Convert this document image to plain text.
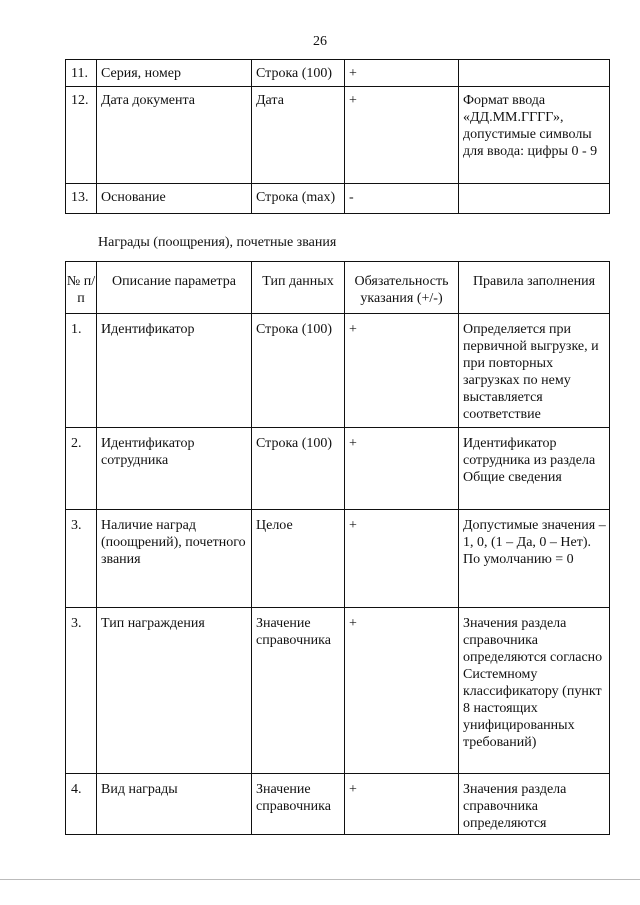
26
11.	Серия, номер	Строка (100)	+	
12.	Дата документа	Дата	+	Формат ввода «ДД.ММ.ГГГГ», допустимые символы для ввода: цифры 0 - 9
13.	Основание	Строка (max)	-	
Награды (поощрения), почетные звания
№ п/п	Описание параметра	Тип данных	Обязательность указания (+/-)	Правила заполнения
1.	Идентификатор	Строка (100)	+	Определяется при первичной выгрузке, и при повторных загрузках по нему выставляется соответствие
2.	Идентификатор сотрудника	Строка (100)	+	Идентификатор сотрудника из раздела Общие сведения
3.	Наличие наград (поощрений), почетного звания	Целое	+	Допустимые значения – 1, 0, (1 – Да, 0 – Нет). По умолчанию = 0
3.	Тип награждения	Значение справочника	+	Значения раздела справочника определяются согласно Системному классификатору (пункт 8 настоящих унифицированных требований)
4.	Вид награды	Значение справочника	+	Значения раздела справочника определяются
